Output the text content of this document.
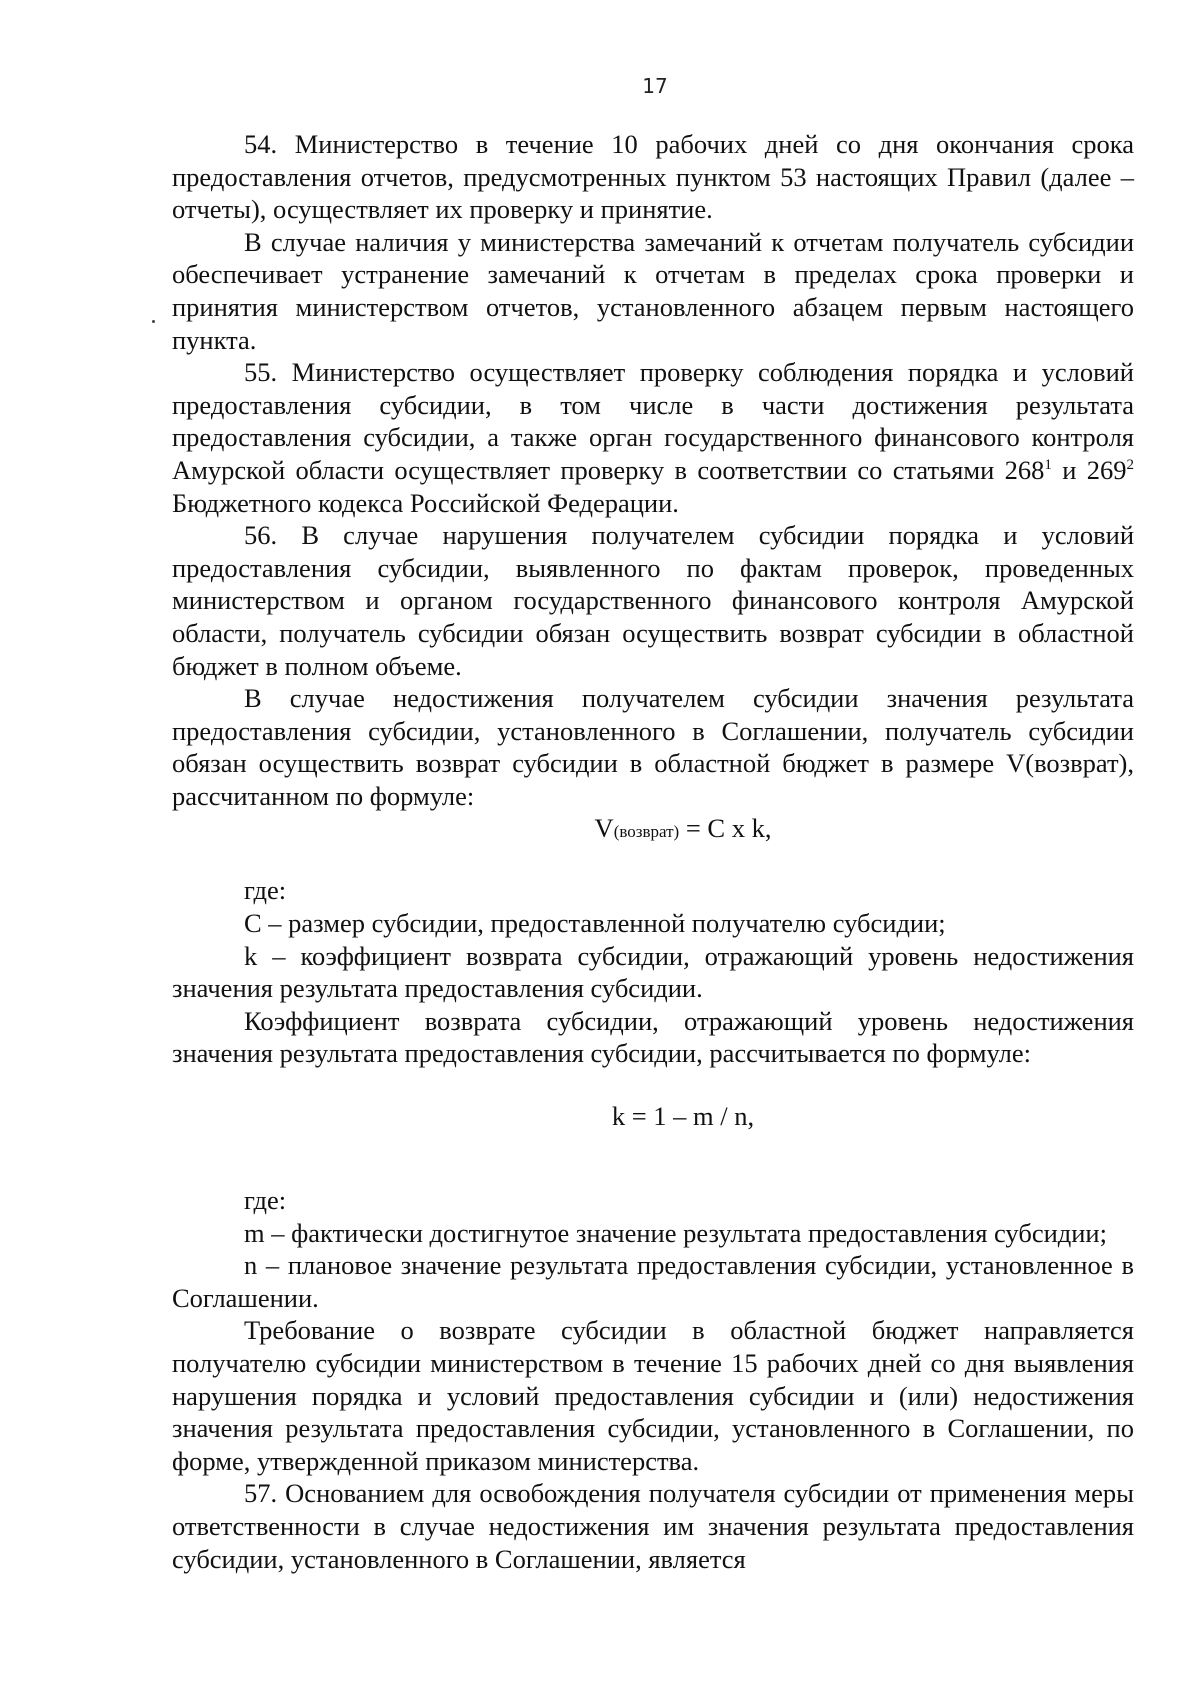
17

54. Министерство в течение 10 рабочих дней со дня окончания срока предоставления отчетов, предусмотренных пунктом 53 настоящих Правил (далее – отчеты), осуществляет их проверку и принятие.

В случае наличия у министерства замечаний к отчетам получатель субсидии обеспечивает устранение замечаний к отчетам в пределах срока проверки и принятия министерством отчетов, установленного абзацем первым настоящего пункта.

55. Министерство осуществляет проверку соблюдения порядка и условий предоставления субсидии, в том числе в части достижения результата предоставления субсидии, а также орган государственного финансового контроля Амурской области осуществляет проверку в соответствии со статьями $268^1$ и $269^2$ Бюджетного кодекса Российской Федерации.

56. В случае нарушения получателем субсидии порядка и условий предоставления субсидии, выявленного по фактам проверок, проведенных министерством и органом государственного финансового контроля Амурской области, получатель субсидии обязан осуществить возврат субсидии в областной бюджет в полном объеме.

В случае недостижения получателем субсидии значения результата предоставления субсидии, установленного в Соглашении, получатель субсидии обязан осуществить возврат субсидии в областной бюджет в размере V(возврат), рассчитанном по формуле:

V(возврат) = C x k,

где:

С – размер субсидии, предоставленной получателю субсидии;

k – коэффициент возврата субсидии, отражающий уровень недостижения значения результата предоставления субсидии.

Коэффициент возврата субсидии, отражающий уровень недостижения значения результата предоставления субсидии, рассчитывается по формуле:

k = 1 – m / n,

где:

m – фактически достигнутое значение результата предоставления субсидии;

n – плановое значение результата предоставления субсидии, установленное в Соглашении.

Требование о возврате субсидии в областной бюджет направляется получателю субсидии министерством в течение 15 рабочих дней со дня выявления нарушения порядка и условий предоставления субсидии и (или) недостижения значения результата предоставления субсидии, установленного в Соглашении, по форме, утвержденной приказом министерства.

57. Основанием для освобождения получателя субсидии от применения меры ответственности в случае недостижения им значения результата предоставления субсидии, установленного в Соглашении, является
